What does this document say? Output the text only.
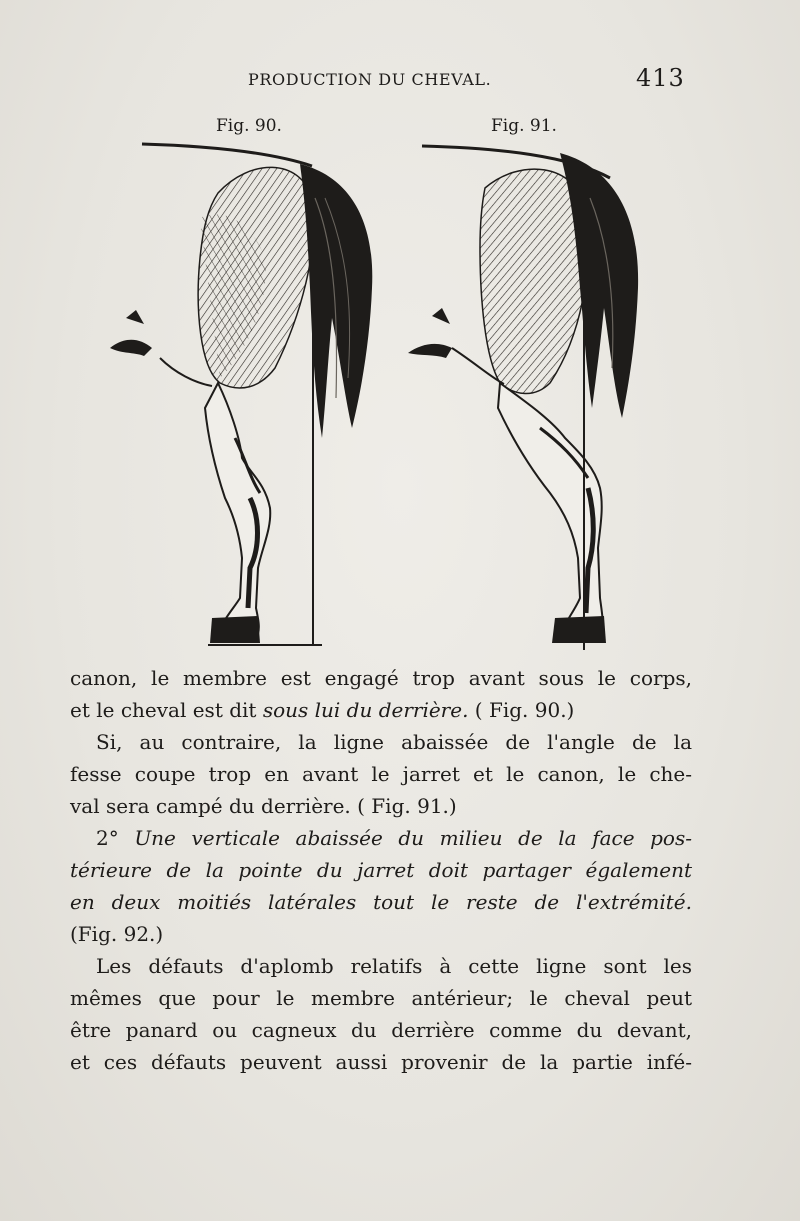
PRODUCTION DU CHEVAL.	413
Fig. 90.	Fig. 91.
canon, le membre est engagé trop avant sous le corps,
et le cheval est dit sous lui du derrière. ( Fig. 90.)
Si, au contraire, la ligne abaissée de l'angle de la
fesse coupe trop en avant le jarret et le canon, le che-
val sera campé du derrière. ( Fig. 91.)
2° Une verticale abaissée du milieu de la face pos-
térieure de la pointe du jarret doit partager également
en deux moitiés latérales tout le reste de l'extrémité.
(Fig. 92.)
Les défauts d'aplomb relatifs à cette ligne sont les
mêmes que pour le membre antérieur; le cheval peut
être panard ou cagneux du derrière comme du devant,
et ces défauts peuvent aussi provenir de la partie infé-
